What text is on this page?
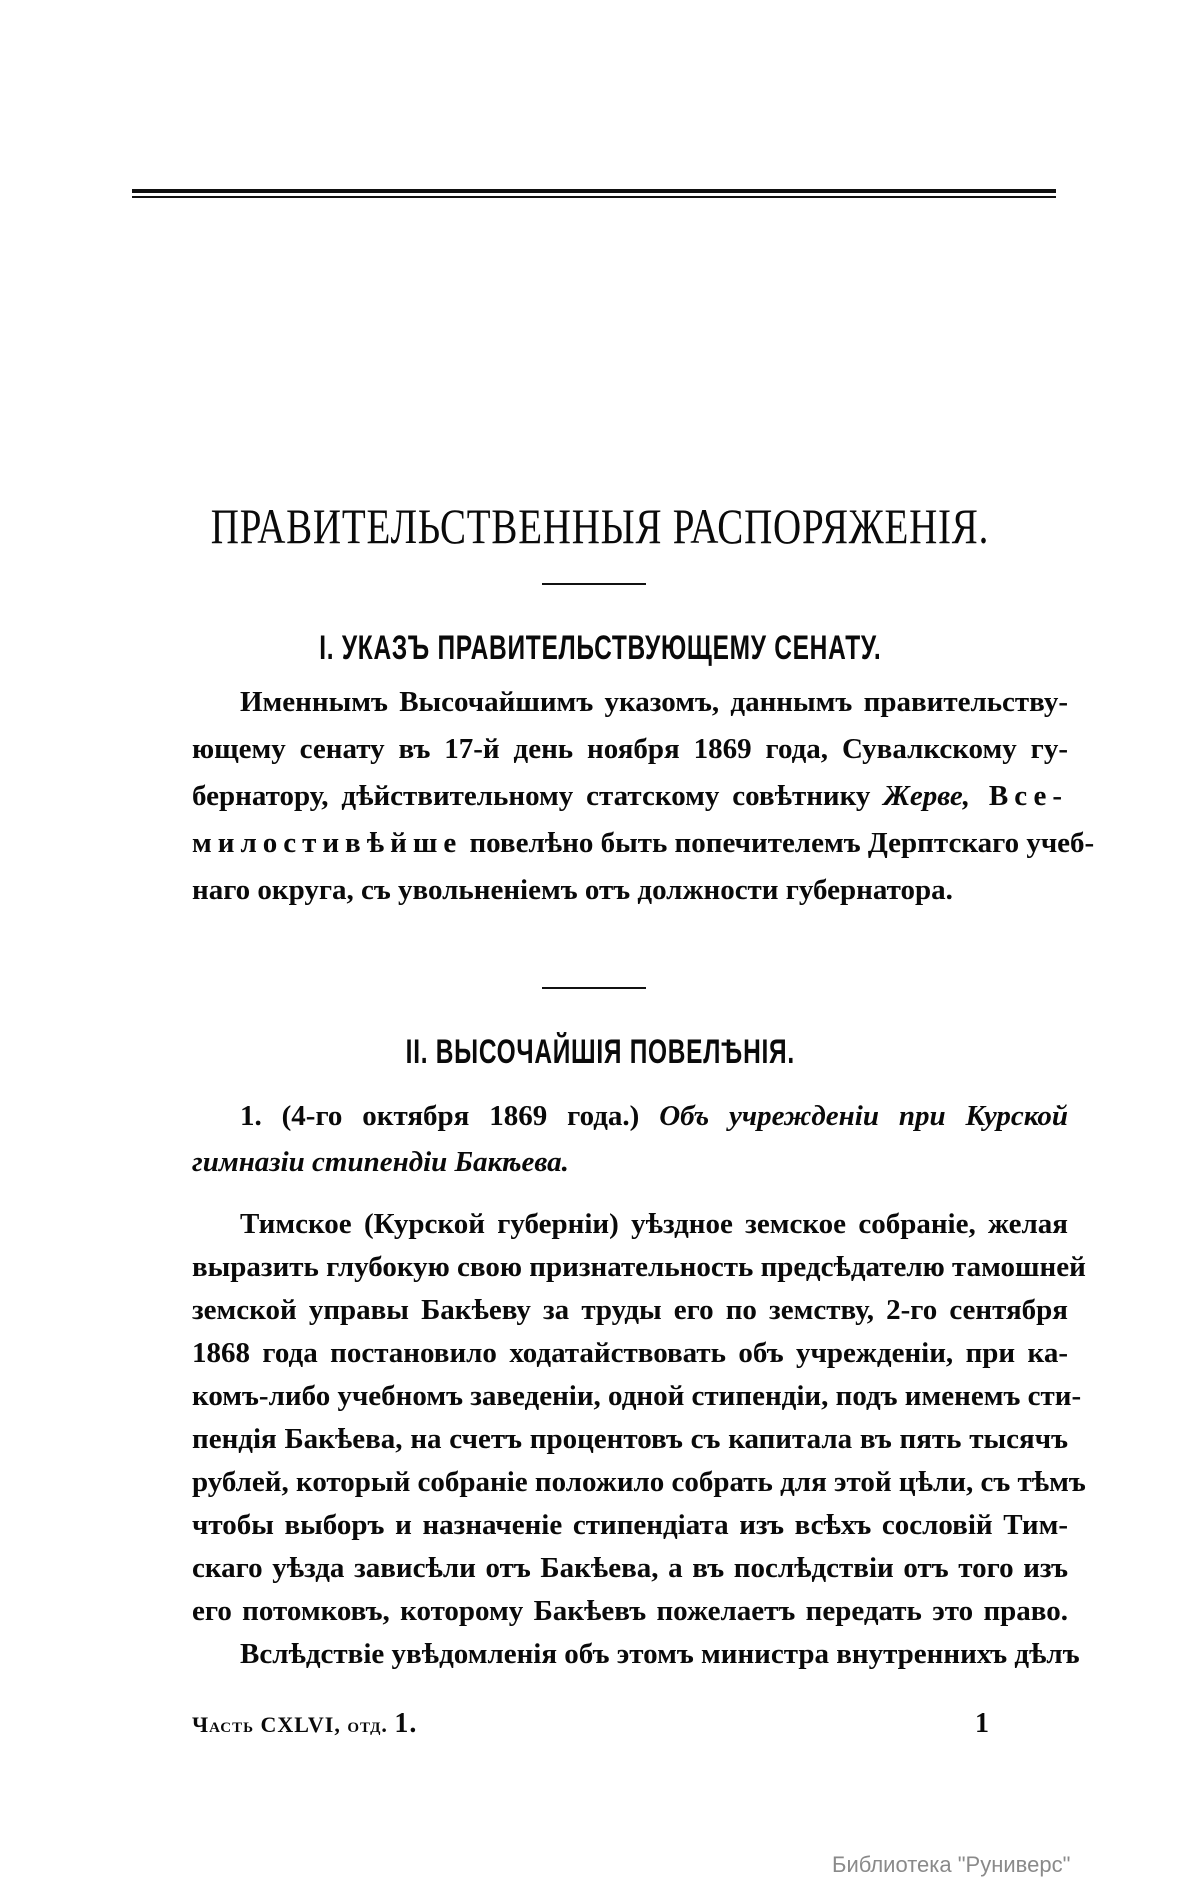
ПРАВИТЕЛЬСТВЕННЫЯ РАСПОРЯЖЕНІЯ.
I. УКАЗЪ ПРАВИТЕЛЬСТВУЮЩЕМУ СЕНАТУ.
Именнымъ Высочайшимъ указомъ, даннымъ правительству-
ющему сенату въ 17-й день ноября 1869 года, Сувалкскому гу-
бернатору, дѣйствительному статскому совѣтнику Жерве, Все-
милостивѣйше повелѣно быть попечителемъ Дерптскаго учеб-
наго округа, съ увольненіемъ отъ должности губернатора.
II. ВЫСОЧАЙШІЯ ПОВЕЛѢНІЯ.
1. (4-го октября 1869 года.) Объ учрежденіи при Курской
гимназіи стипендіи Бакѣева.
Тимское (Курской губерніи) уѣздное земское собраніе, желая
выразить глубокую свою признательность предсѣдателю тамошней
земской управы Бакѣеву за труды его по земству, 2-го сентября
1868 года постановило ходатайствовать объ учрежденіи, при ка-
комъ-либо учебномъ заведеніи, одной стипендіи, подъ именемъ сти-
пендія Бакѣева, на счетъ процентовъ съ капитала въ пять тысячъ
рублей, который собраніе положило собрать для этой цѣли, съ тѣмъ
чтобы выборъ и назначеніе стипендіата изъ всѣхъ сословій Тим-
скаго уѣзда зависѣли отъ Бакѣева, а въ послѣдствіи отъ того изъ
его потомковъ, которому Бакѣевъ пожелаетъ передать это право.
Вслѣдствіе увѣдомленія объ этомъ министра внутреннихъ дѣлъ
Часть CXLVI, отд. 1.	1
Библиотека "Руниверс"
